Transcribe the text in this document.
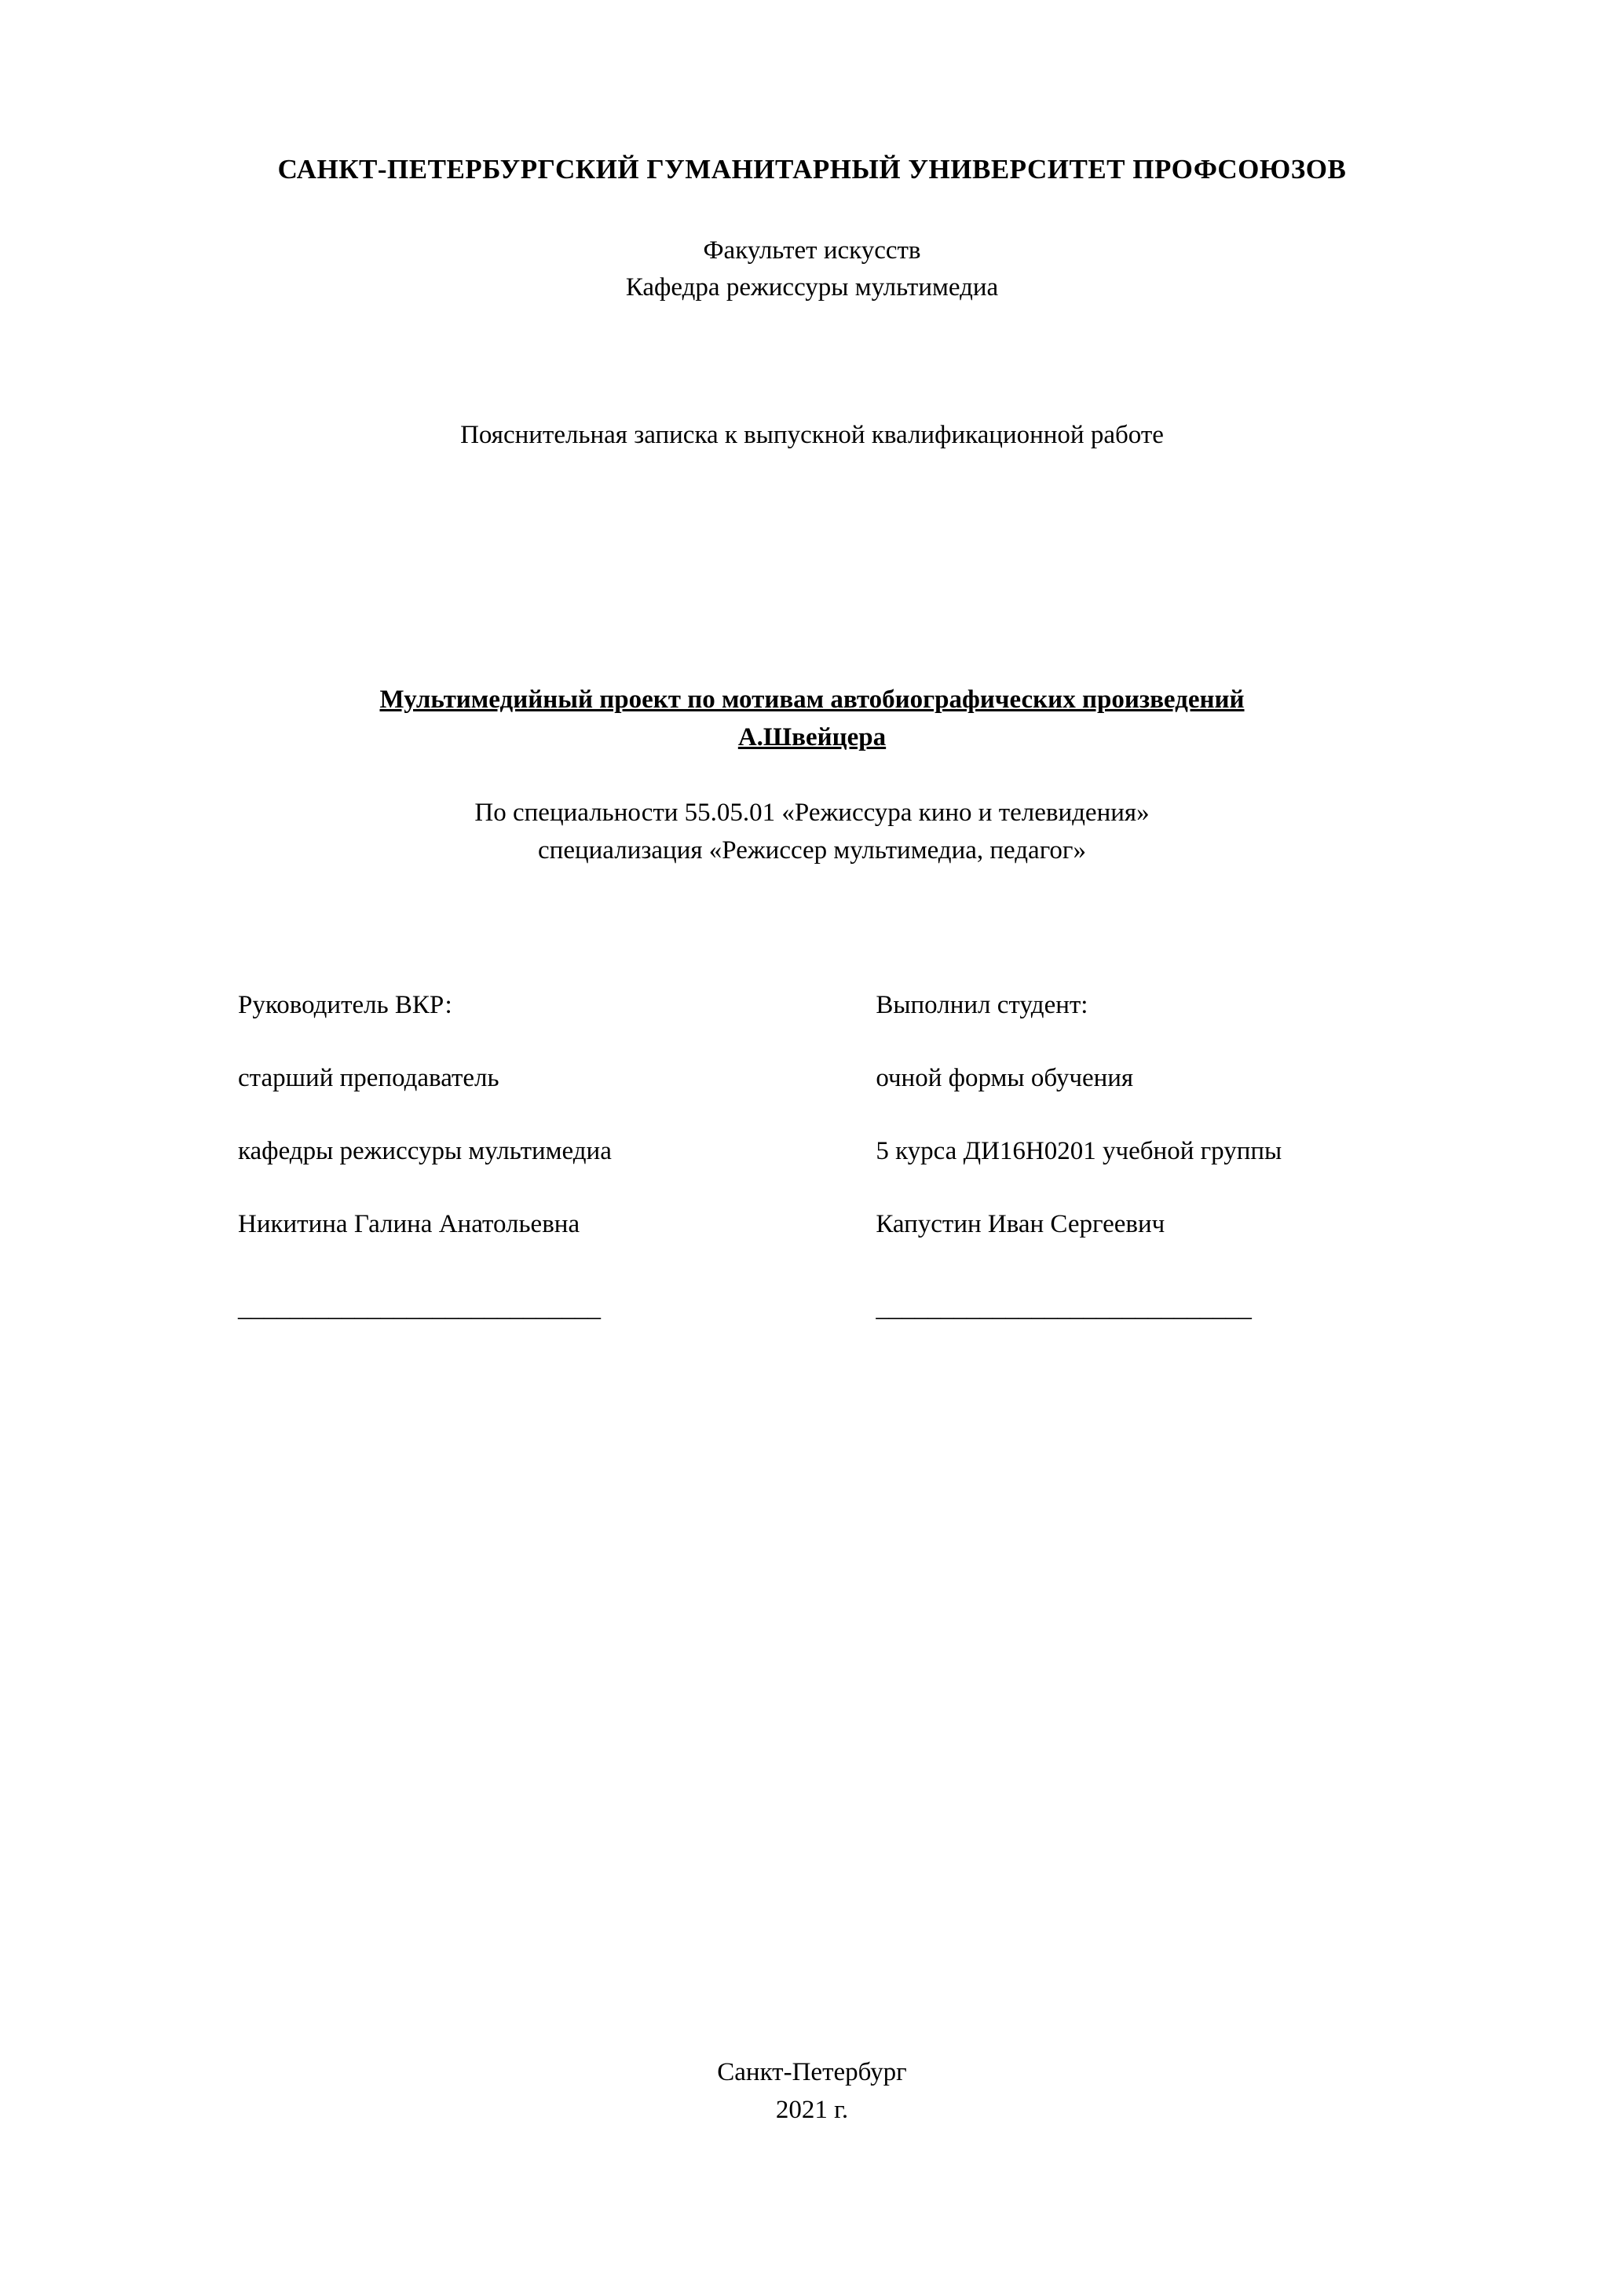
САНКТ-ПЕТЕРБУРГСКИЙ ГУМАНИТАРНЫЙ УНИВЕРСИТЕТ ПРОФСОЮЗОВ
Факультет искусств
Кафедра режиссуры мультимедиа
Пояснительная записка к выпускной квалификационной работе
Мультимедийный проект по мотивам автобиографических произведений
А.Швейцера
По специальности 55.05.01 «Режиссура кино и телевидения»
специализация «Режиссер мультимедиа, педагог»
Руководитель ВКР:
старший преподаватель
кафедры режиссуры мультимедиа
Никитина Галина Анатольевна
____________________________
Выполнил студент:
очной формы обучения
5 курса ДИ16Н0201 учебной группы
Капустин Иван Сергеевич
_____________________________
Санкт-Петербург
2021 г.
